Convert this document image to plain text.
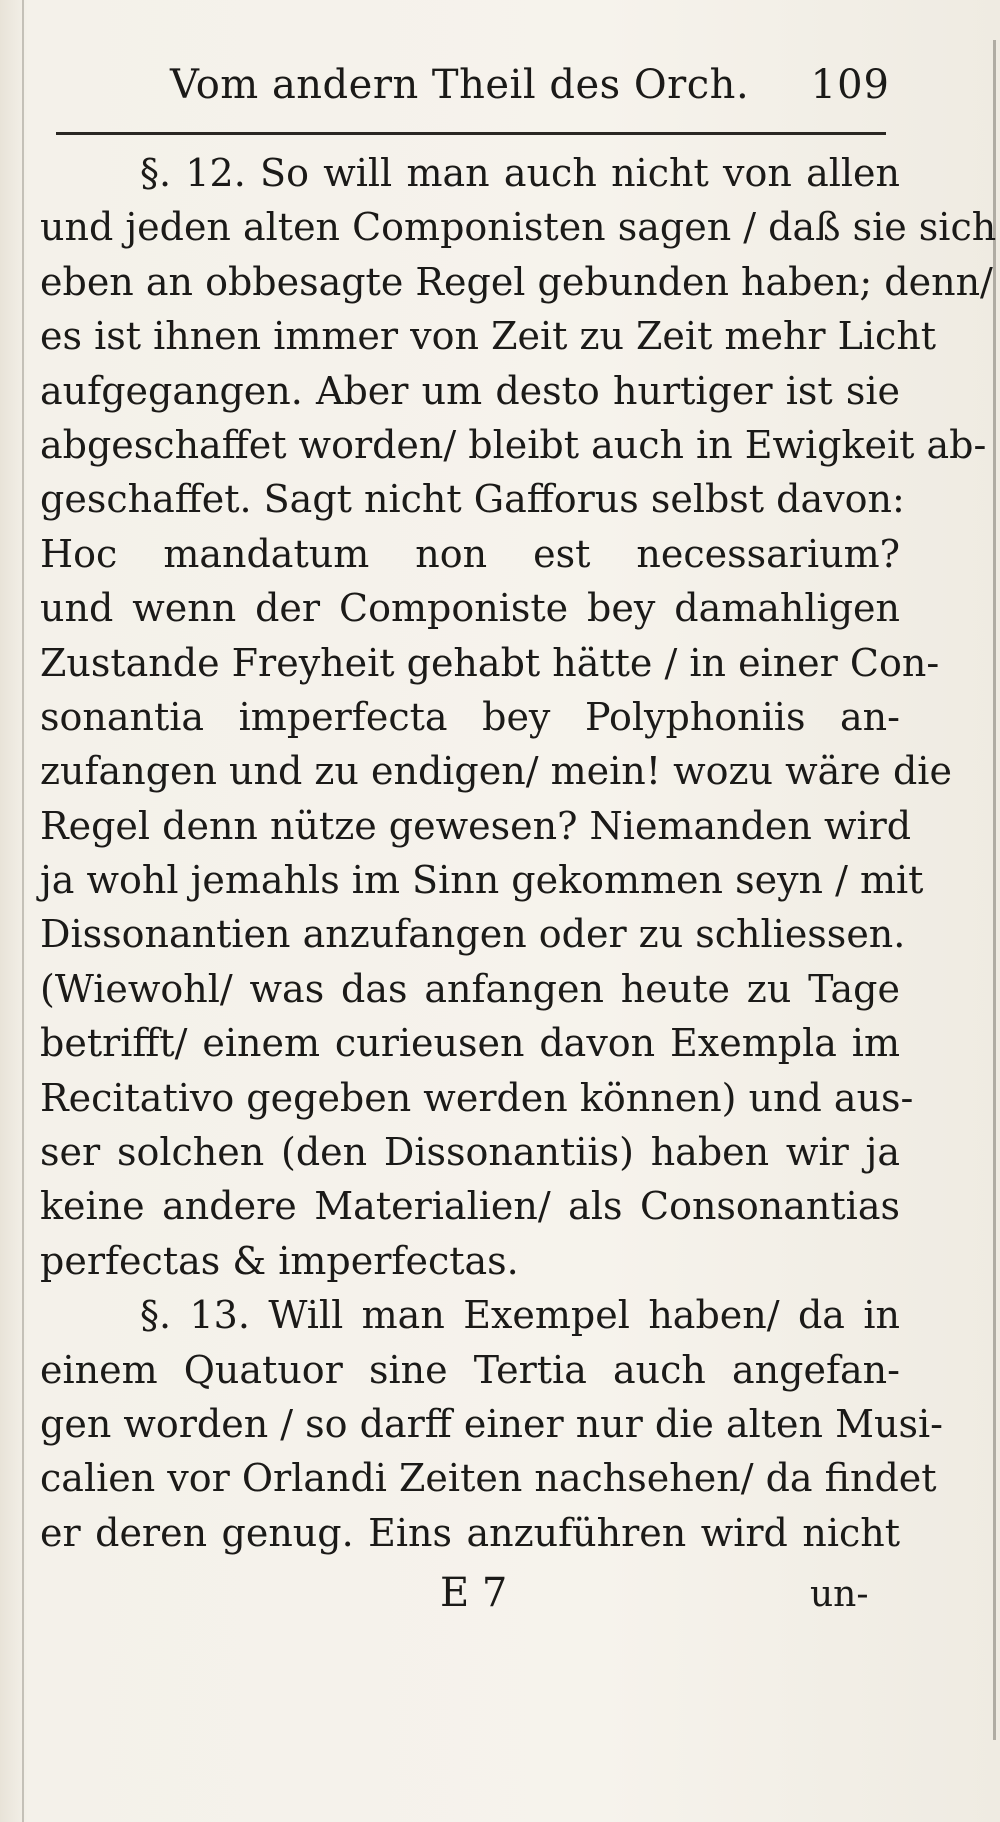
Vom andern Theil des Orch. 109
§. 12. So will man auch nicht von allen
und jeden alten Componisten sagen / daß sie sich
eben an obbesagte Regel gebunden haben; denn/
es ist ihnen immer von Zeit zu Zeit mehr Licht
aufgegangen. Aber um desto hurtiger ist sie
abgeschaffet worden/ bleibt auch in Ewigkeit ab-
geschaffet. Sagt nicht Gafforus selbst davon:
Hoc mandatum non est necessarium?
und wenn der Componiste bey damahligen
Zustande Freyheit gehabt hätte / in einer Con-
sonantia imperfecta bey Polyphoniis an-
zufangen und zu endigen/ mein! wozu wäre die
Regel denn nütze gewesen? Niemanden wird
ja wohl jemahls im Sinn gekommen seyn / mit
Dissonantien anzufangen oder zu schliessen.
(Wiewohl/ was das anfangen heute zu Tage
betrifft/ einem curieusen davon Exempla im
Recitativo gegeben werden können) und aus-
ser solchen (den Dissonantiis) haben wir ja
keine andere Materialien/ als Consonantias
perfectas & imperfectas.
§. 13. Will man Exempel haben/ da in
einem Quatuor sine Tertia auch angefan-
gen worden / so darff einer nur die alten Musi-
calien vor Orlandi Zeiten nachsehen/ da findet
er deren genug. Eins anzuführen wird nicht
E 7	un-
